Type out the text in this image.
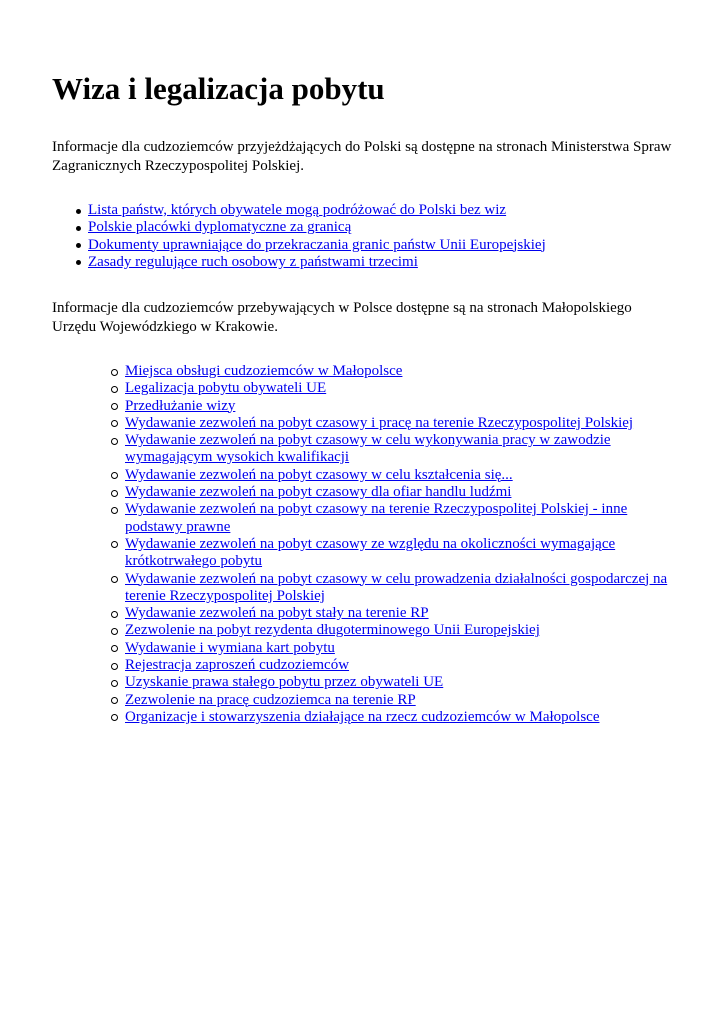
Wiza i legalizacja pobytu

Informacje dla cudzoziemców przyjeżdżających do Polski są dostępne na stronach Ministerstwa Spraw Zagranicznych Rzeczypospolitej Polskiej.

Lista państw, których obywatele mogą podróżować do Polski bez wiz
Polskie placówki dyplomatyczne za granicą
Dokumenty uprawniające do przekraczania granic państw Unii Europejskiej
Zasady regulujące ruch osobowy z państwami trzecimi

Informacje dla cudzoziemców przebywających w Polsce dostępne są na stronach Małopolskiego Urzędu Wojewódzkiego w Krakowie.

Miejsca obsługi cudzoziemców w Małopolsce
Legalizacja pobytu obywateli UE
Przedłużanie wizy
Wydawanie zezwoleń na pobyt czasowy i pracę na terenie Rzeczypospolitej Polskiej
Wydawanie zezwoleń na pobyt czasowy w celu wykonywania pracy w zawodzie wymagającym wysokich kwalifikacji
Wydawanie zezwoleń na pobyt czasowy w celu kształcenia się...
Wydawanie zezwoleń na pobyt czasowy dla ofiar handlu ludźmi
Wydawanie zezwoleń na pobyt czasowy na terenie Rzeczypospolitej Polskiej - inne podstawy prawne
Wydawanie zezwoleń na pobyt czasowy ze względu na okoliczności wymagające krótkotrwałego pobytu
Wydawanie zezwoleń na pobyt czasowy w celu prowadzenia działalności gospodarczej na terenie Rzeczypospolitej Polskiej
Wydawanie zezwoleń na pobyt stały na terenie RP
Zezwolenie na pobyt rezydenta długoterminowego Unii Europejskiej
Wydawanie i wymiana kart pobytu
Rejestracja zaproszeń cudzoziemców
Uzyskanie prawa stałego pobytu przez obywateli UE
Zezwolenie na pracę cudzoziemca na terenie RP
Organizacje i stowarzyszenia działające na rzecz cudzoziemców w Małopolsce
